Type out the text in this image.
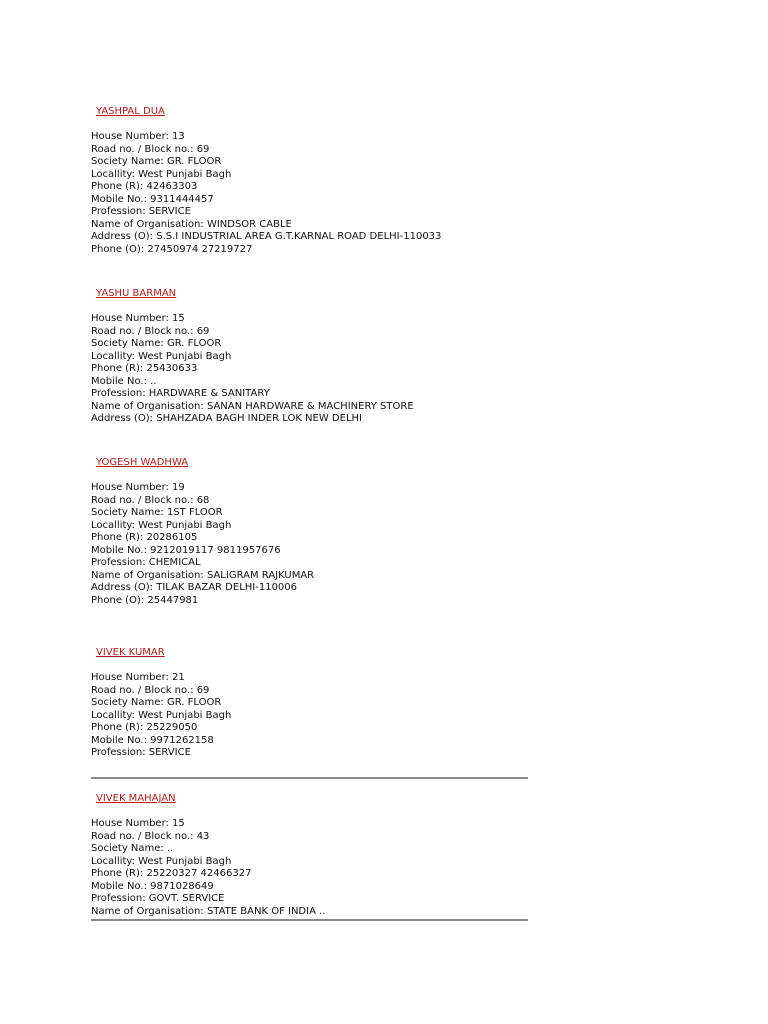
YASHPAL DUA
House Number: 13
Road no. / Block no.: 69
Society Name: GR. FLOOR
Locallity: West Punjabi Bagh
Phone (R): 42463303
Mobile No.: 9311444457
Profession: SERVICE
Name of Organisation: WINDSOR CABLE
Address (O): S.S.I INDUSTRIAL AREA G.T.KARNAL ROAD DELHI-110033
Phone (O): 27450974 27219727
YASHU BARMAN
House Number: 15
Road no. / Block no.: 69
Society Name: GR. FLOOR
Locallity: West Punjabi Bagh
Phone (R): 25430633
Mobile No.: ..
Profession: HARDWARE & SANITARY
Name of Organisation: SANAN HARDWARE & MACHINERY STORE
Address (O): SHAHZADA BAGH INDER LOK NEW DELHI
YOGESH WADHWA
House Number: 19
Road no. / Block no.: 68
Society Name: 1ST FLOOR
Locallity: West Punjabi Bagh
Phone (R): 20286105
Mobile No.: 9212019117 9811957676
Profession: CHEMICAL
Name of Organisation: SALIGRAM RAJKUMAR
Address (O): TILAK BAZAR DELHI-110006
Phone (O): 25447981
VIVEK KUMAR
House Number: 21
Road no. / Block no.: 69
Society Name: GR. FLOOR
Locallity: West Punjabi Bagh
Phone (R): 25229050
Mobile No.: 9971262158
Profession: SERVICE
VIVEK MAHAJAN
House Number: 15
Road no. / Block no.: 43
Society Name: ..
Locallity: West Punjabi Bagh
Phone (R): 25220327 42466327
Mobile No.: 9871028649
Profession: GOVT. SERVICE
Name of Organisation: STATE BANK OF INDIA ..
